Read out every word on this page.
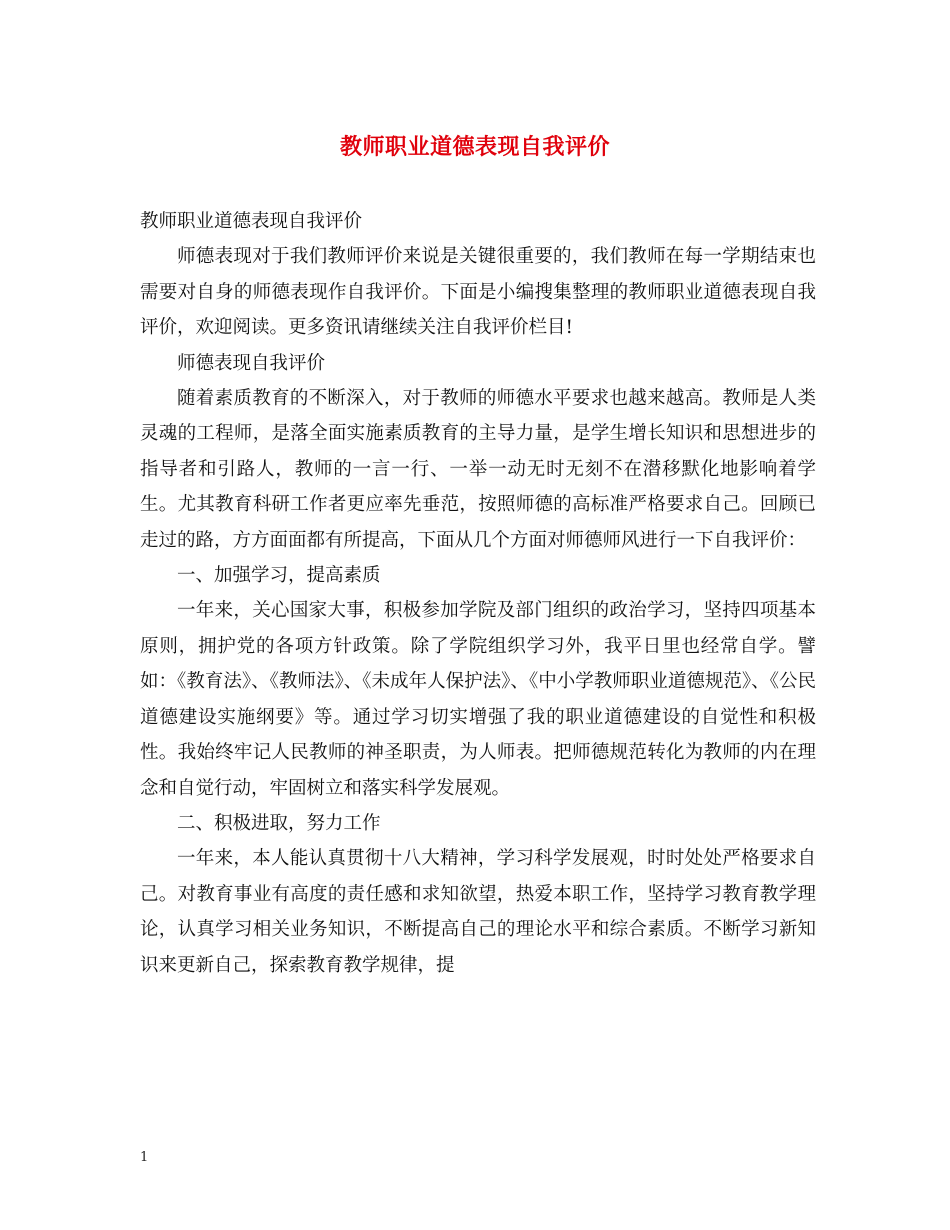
教师职业道德表现自我评价

教师职业道德表现自我评价

师德表现对于我们教师评价来说是关键很重要的，我们教师在每一学期结束也需要对自身的师德表现作自我评价。下面是小编搜集整理的教师职业道德表现自我评价，欢迎阅读。更多资讯请继续关注自我评价栏目!

师德表现自我评价

随着素质教育的不断深入，对于教师的师德水平要求也越来越高。教师是人类灵魂的工程师，是落全面实施素质教育的主导力量，是学生增长知识和思想进步的指导者和引路人，教师的一言一行、一举一动无时无刻不在潜移默化地影响着学生。尤其教育科研工作者更应率先垂范，按照师德的高标准严格要求自己。回顾已走过的路，方方面面都有所提高，下面从几个方面对师德师风进行一下自我评价：

一、加强学习，提高素质

一年来，关心国家大事，积极参加学院及部门组织的政治学习，坚持四项基本原则，拥护党的各项方针政策。除了学院组织学习外，我平日里也经常自学。譬如：《教育法》、《教师法》、《未成年人保护法》、《中小学教师职业道德规范》、《公民道德建设实施纲要》等。通过学习切实增强了我的职业道德建设的自觉性和积极性。我始终牢记人民教师的神圣职责，为人师表。把师德规范转化为教师的内在理念和自觉行动，牢固树立和落实科学发展观。

二、积极进取，努力工作

一年来，本人能认真贯彻十八大精神，学习科学发展观，时时处处严格要求自己。对教育事业有高度的责任感和求知欲望，热爱本职工作，坚持学习教育教学理论，认真学习相关业务知识，不断提高自己的理论水平和综合素质。不断学习新知识来更新自己，探索教育教学规律，提

1
